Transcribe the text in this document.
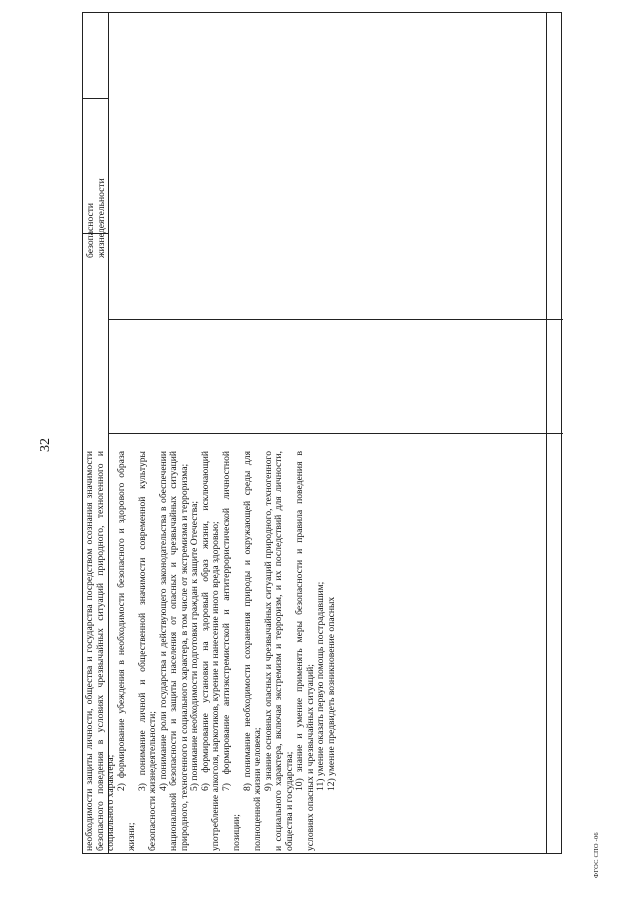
32
безопасности жизнедеятельности

необходимости защиты личности, общества и государства посредством осознания значимости безопасного поведения в условиях чрезвычайных ситуаций природного, техногенного и социального характера;

2) формирование убеждения в необходимости безопасного и здорового образа жизни;

3) понимание личной и общественной значимости современной культуры безопасности жизнедеятельности; 4) понимание роли государства и действующего законодательства в обеспечении национальной безопасности и защиты населения от опасных и чрезвычайных ситуаций природного, техногенного и социального характера, в том числе от экстремизма и терроризма; 5) понимание необходимости подготовки граждан к защите Отечества; 6) формирование установки на здоровый образ жизни, исключающий употребление алкоголя, наркотиков, курение и нанесение иного вреда здоровью; 7) формирование антиэкстремистской и антитеррористической личностной позиции;

8) понимание необходимости сохранения природы и окружающей среды для полноценной жизни человека; 9) знание основных опасных и чрезвычайных ситуаций природного, техногенного и социального характера, включая экстремизм и терроризм, и их последствий для личности, общества и государства;

10) знание и умение применять меры безопасности и правила поведения в условиях опасных и чрезвычайных ситуаций; 11) умение оказать первую помощь пострадавшим; 12) умение предвидеть возникновение опасных

ФГОС СПО -06
